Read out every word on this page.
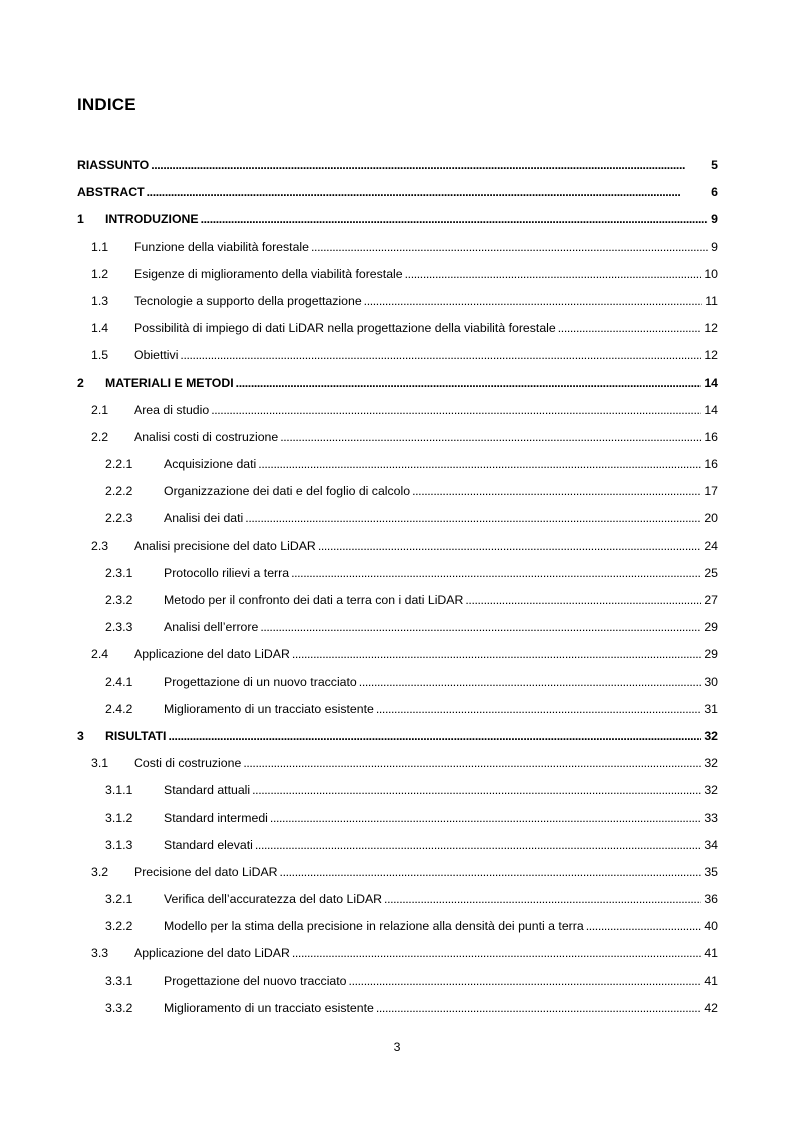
INDICE
RIASSUNTO . . .	5
ABSTRACT . . .	6
1	INTRODUZIONE . . .	9
1.1	Funzione della viabilità forestale . . .	9
1.2	Esigenze di miglioramento della viabilità forestale . . .	10
1.3	Tecnologie a supporto della progettazione . . .	11
1.4	Possibilità di impiego di dati LiDAR nella progettazione della viabilità forestale . . .	12
1.5	Obiettivi . . .	12
2	MATERIALI E METODI . . .	14
2.1	Area di studio . . .	14
2.2	Analisi costi di costruzione . . .	16
2.2.1	Acquisizione dati . . .	16
2.2.2	Organizzazione dei dati e del foglio di calcolo . . .	17
2.2.3	Analisi dei dati . . .	20
2.3	Analisi precisione del dato LiDAR . . .	24
2.3.1	Protocollo rilievi a terra . . .	25
2.3.2	Metodo per il confronto dei dati a terra con i dati LiDAR . . .	27
2.3.3	Analisi dell’errore . . .	29
2.4	Applicazione del dato LiDAR . . .	29
2.4.1	Progettazione di un nuovo tracciato . . .	30
2.4.2	Miglioramento di un tracciato esistente . . .	31
3	RISULTATI . . .	32
3.1	Costi di costruzione . . .	32
3.1.1	Standard attuali . . .	32
3.1.2	Standard intermedi . . .	33
3.1.3	Standard elevati . . .	34
3.2	Precisione del dato LiDAR . . .	35
3.2.1	Verifica dell’accuratezza del dato LiDAR . . .	36
3.2.2	Modello per la stima della precisione in relazione alla densità dei punti a terra . . .	40
3.3	Applicazione del dato LiDAR . . .	41
3.3.1	Progettazione del nuovo tracciato . . .	41
3.3.2	Miglioramento di un tracciato esistente . . .	42
3
